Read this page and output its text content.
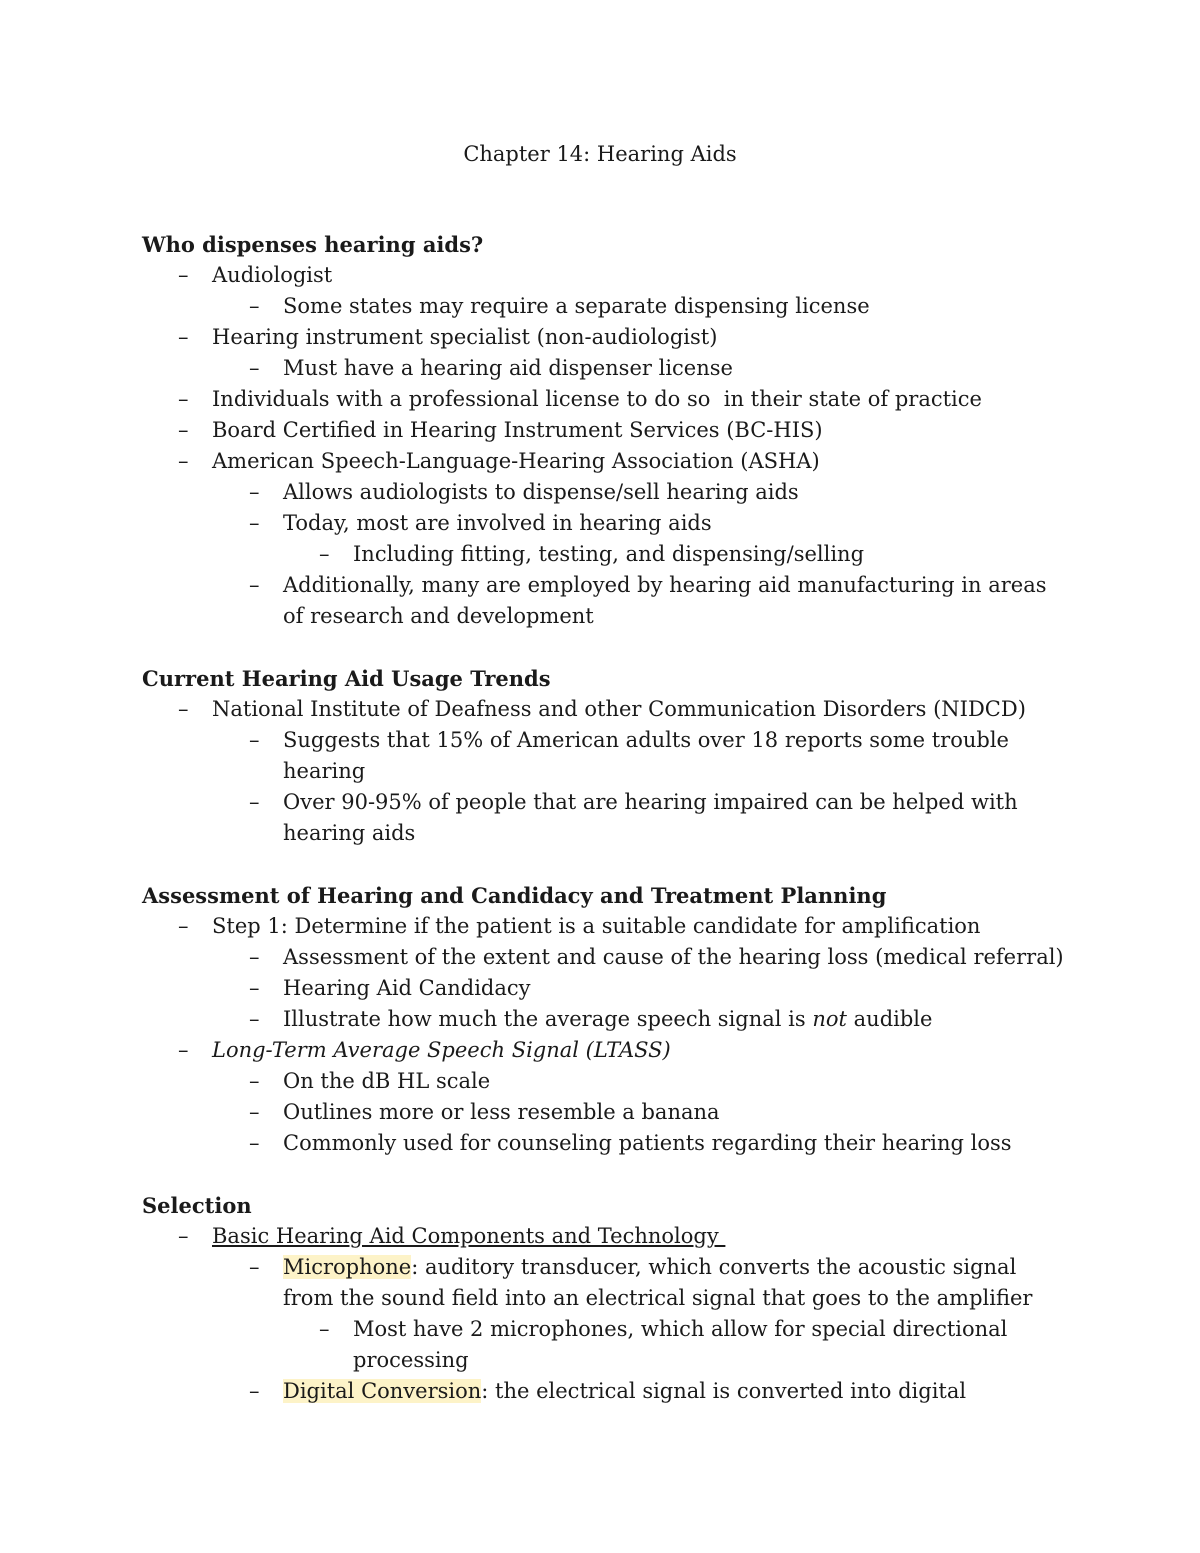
Chapter 14: Hearing Aids
Who dispenses hearing aids?
– Audiologist
– Some states may require a separate dispensing license
– Hearing instrument specialist (non-audiologist)
– Must have a hearing aid dispenser license
– Individuals with a professional license to do so  in their state of practice
– Board Certified in Hearing Instrument Services (BC-HIS)
– American Speech-Language-Hearing Association (ASHA)
– Allows audiologists to dispense/sell hearing aids
– Today, most are involved in hearing aids
– Including fitting, testing, and dispensing/selling
– Additionally, many are employed by hearing aid manufacturing in areas of research and development
Current Hearing Aid Usage Trends
– National Institute of Deafness and other Communication Disorders (NIDCD)
– Suggests that 15% of American adults over 18 reports some trouble hearing
– Over 90-95% of people that are hearing impaired can be helped with hearing aids
Assessment of Hearing and Candidacy and Treatment Planning
– Step 1: Determine if the patient is a suitable candidate for amplification
– Assessment of the extent and cause of the hearing loss (medical referral)
– Hearing Aid Candidacy
– Illustrate how much the average speech signal is not audible
– Long-Term Average Speech Signal (LTASS)
– On the dB HL scale
– Outlines more or less resemble a banana
– Commonly used for counseling patients regarding their hearing loss
Selection
– Basic Hearing Aid Components and Technology
– Microphone: auditory transducer, which converts the acoustic signal from the sound field into an electrical signal that goes to the amplifier
– Most have 2 microphones, which allow for special directional processing
– Digital Conversion: the electrical signal is converted into digital
